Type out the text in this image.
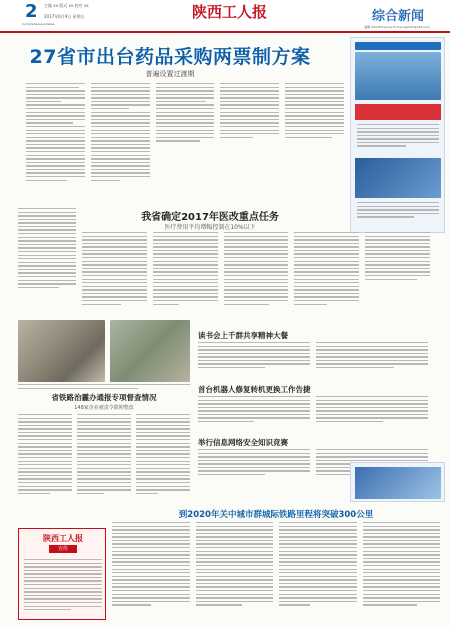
2
Comprehensive News
主编 xx 版式 xx 校对 xx
2017年6月9日 星期五	陕西工人报	综合新闻
编辑 029-87xxxxxx E-mail:sgrbzh@163.com
27省市出台药品采购两票制方案
普遍设置过渡期
我省确定2017年医改重点任务
医疗费用平均增幅控制在10%以下
省铁路治霾办通报专项督查情况
148家企业被责令限期整改
读书会上千群共享精神大餐
首台机器人修复转机更换工作告捷
举行信息网络安全知识竞赛
到2020年关中城市群城际铁路里程将突破300公里
陕西工人报
宣传
